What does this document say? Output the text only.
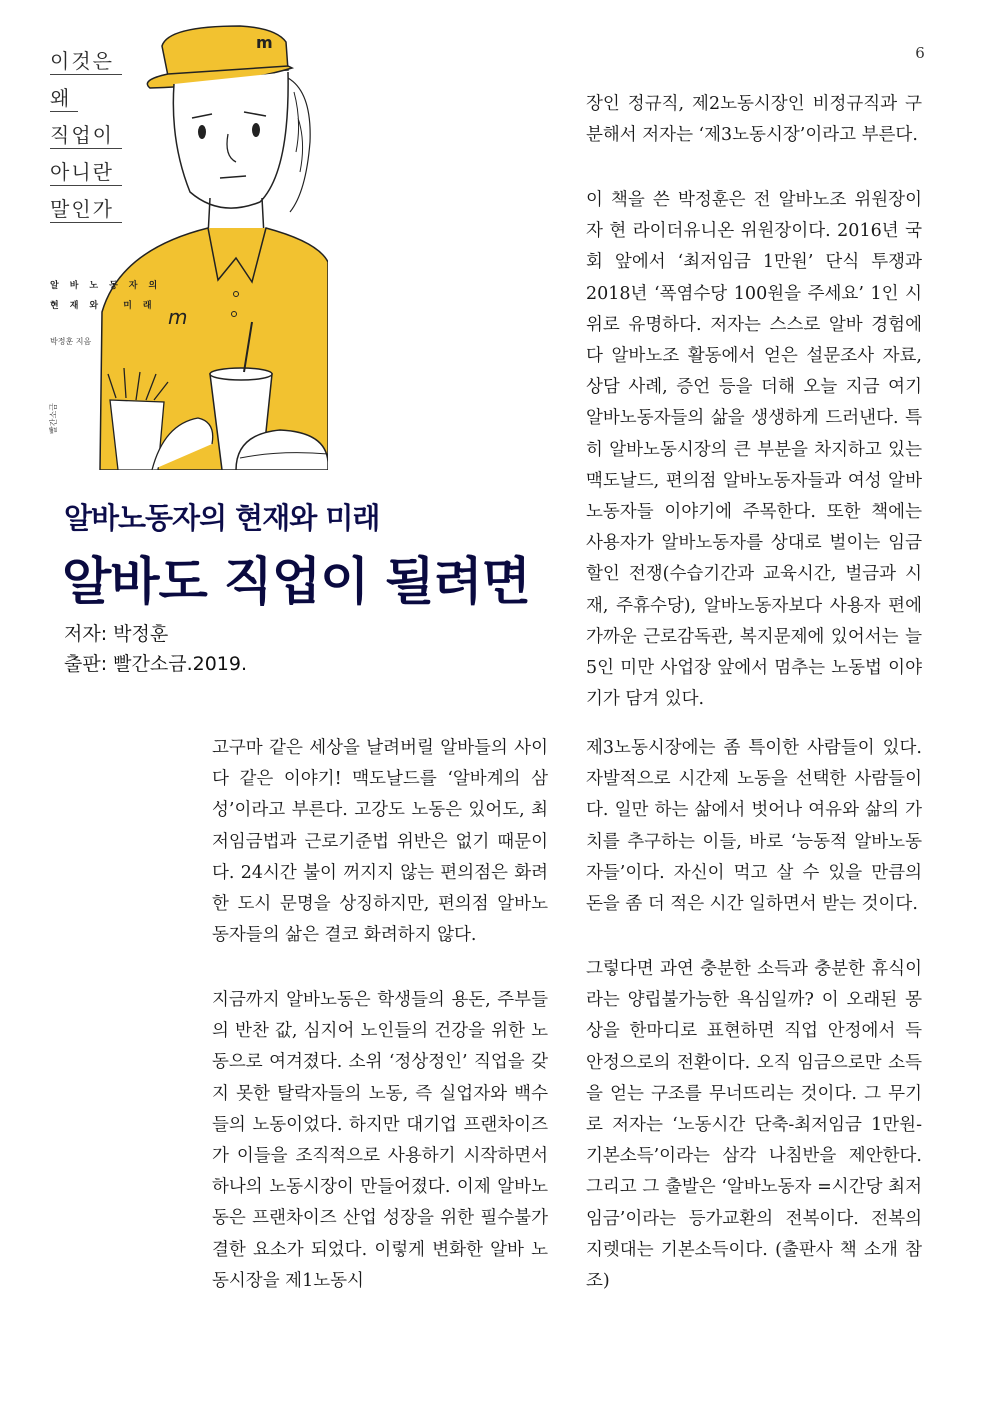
6
m
m
이것은
왜
직업이
아니란
말인가
알바노동자의
현재와 미래
박정훈 지음
빨간소금
알바노동자의 현재와 미래
알바도 직업이 될려면
저자: 박정훈
출판: 빨간소금.2019.

고구마 같은 세상을 날려버릴 알바들의 사이다 같은 이야기! 맥도날드를 ‘알바계의 삼성’이라고 부른다. 고강도 노동은 있어도, 최저임금법과 근로기준법 위반은 없기 때문이다. 24시간 불이 꺼지지 않는 편의점은 화려한 도시 문명을 상징하지만, 편의점 알바노동자들의 삶은 결코 화려하지 않다.

지금까지 알바노동은 학생들의 용돈, 주부들의 반찬 값, 심지어 노인들의 건강을 위한 노동으로 여겨졌다. 소위 ‘정상정인’ 직업을 갖지 못한 탈락자들의 노동, 즉 실업자와 백수 들의 노동이었다. 하지만 대기업 프랜차이즈가 이들을 조직적으로 사용하기 시작하면서 하나의 노동시장이 만들어졌다. 이제 알바노동은 프랜차이즈 산업 성장을 위한 필수불가결한 요소가 되었다. 이렇게 변화한 알바 노동시장을 제1노동시

장인 정규직, 제2노동시장인 비정규직과 구분해서 저자는 ‘제3노동시장’이라고 부른다.

이 책을 쓴 박정훈은 전 알바노조 위원장이자 현 라이더유니온 위원장이다. 2016년 국회 앞에서 ‘최저임금 1만원’ 단식 투쟁과 2018년 ‘폭염수당 100원을 주세요’ 1인 시위로 유명하다. 저자는 스스로 알바 경험에다 알바노조 활동에서 얻은 설문조사 자료, 상담 사례, 증언 등을 더해 오늘 지금 여기 알바노동자들의 삶을 생생하게 드러낸다. 특히 알바노동시장의 큰 부분을 차지하고 있는 맥도날드, 편의점 알바노동자들과 여성 알바노동자들 이야기에 주목한다. 또한 책에는 사용자가 알바노동자를 상대로 벌이는 임금 할인 전쟁(수습기간과 교육시간, 벌금과 시재, 주휴수당), 알바노동자보다 사용자 편에 가까운 근로감독관, 복지문제에 있어서는 늘 5인 미만 사업장 앞에서 멈추는 노동법 이야기가 담겨 있다.

제3노동시장에는 좀 특이한 사람들이 있다. 자발적으로 시간제 노동을 선택한 사람들이다. 일만 하는 삶에서 벗어나 여유와 삶의 가치를 추구하는 이들, 바로 ‘능동적 알바노동자들’이다. 자신이 먹고 살 수 있을 만큼의 돈을 좀 더 적은 시간 일하면서 받는 것이다.

그렇다면 과연 충분한 소득과 충분한 휴식이라는 양립불가능한 욕심일까? 이 오래된 몽상을 한마디로 표현하면 직업 안정에서 득 안정으로의 전환이다. 오직 임금으로만 소득을 얻는 구조를 무너뜨리는 것이다. 그 무기로 저자는 ‘노동시간 단축-최저임금 1만원-기본소득’이라는 삼각 나침반을 제안한다. 그리고 그 출발은 ‘알바노동자 =시간당 최저임금’이라는 등가교환의 전복이다. 전복의 지렛대는 기본소득이다. (출판사 책 소개 참조)
